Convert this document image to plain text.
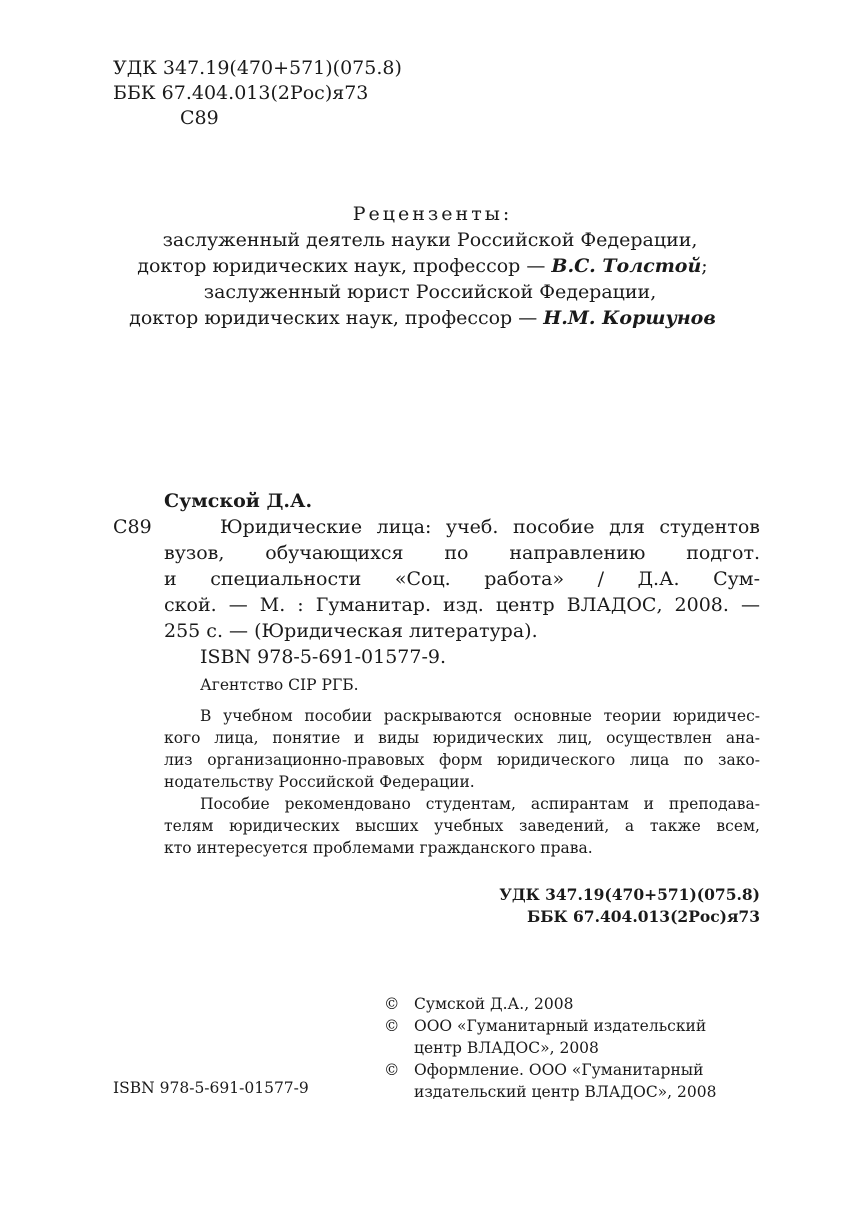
УДК 347.19(470+571)(075.8)
ББК 67.404.013(2Рос)я73
С89
Рецензенты:
заслуженный деятель науки Российской Федерации,
доктор юридических наук, профессор — В.С. Толстой;
заслуженный юрист Российской Федерации,
доктор юридических наук, профессор — Н.М. Коршунов
Сумской Д.А.
С89	Юридические лица: учеб. пособие для студентов
вузов, обучающихся по направлению подгот.
и специальности «Соц. работа» / Д.А. Сум-
ской. — М. : Гуманитар. изд. центр ВЛАДОС, 2008. —
255 с. — (Юридическая литература).
ISBN 978-5-691-01577-9.
Агентство CIP РГБ.
В учебном пособии раскрываются основные теории юридичес-
кого лица, понятие и виды юридических лиц, осуществлен ана-
лиз организационно-правовых форм юридического лица по зако-
нодательству Российской Федерации.
Пособие рекомендовано студентам, аспирантам и преподава-
телям юридических высших учебных заведений, а также всем,
кто интересуется проблемами гражданского права.
УДК 347.19(470+571)(075.8)
ББК 67.404.013(2Рос)я73
© Сумской Д.А., 2008
© ООО «Гуманитарный издательский
центр ВЛАДОС», 2008
© Оформление. ООО «Гуманитарный
издательский центр ВЛАДОС», 2008
ISBN 978-5-691-01577-9
